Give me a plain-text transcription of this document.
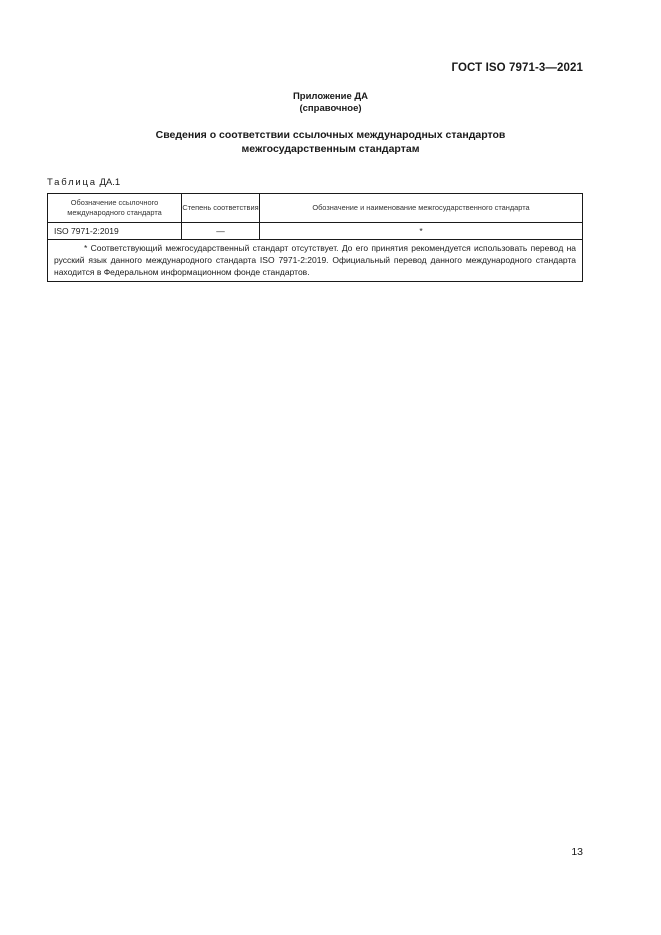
ГОСТ ISO 7971-3—2021
Приложение ДА
(справочное)
Сведения о соответствии ссылочных международных стандартов
межгосударственным стандартам
Таблица ДА.1
Обозначение ссылочного международного стандарта	Степень соответствия	Обозначение и наименование межгосударственного стандарта
ISO 7971-2:2019	—	*
* Соответствующий межгосударственный стандарт отсутствует. До его принятия рекомендуется использовать перевод на русский язык данного международного стандарта ISO 7971-2:2019. Официальный перевод данного международного стандарта находится в Федеральном информационном фонде стандартов.		
13
